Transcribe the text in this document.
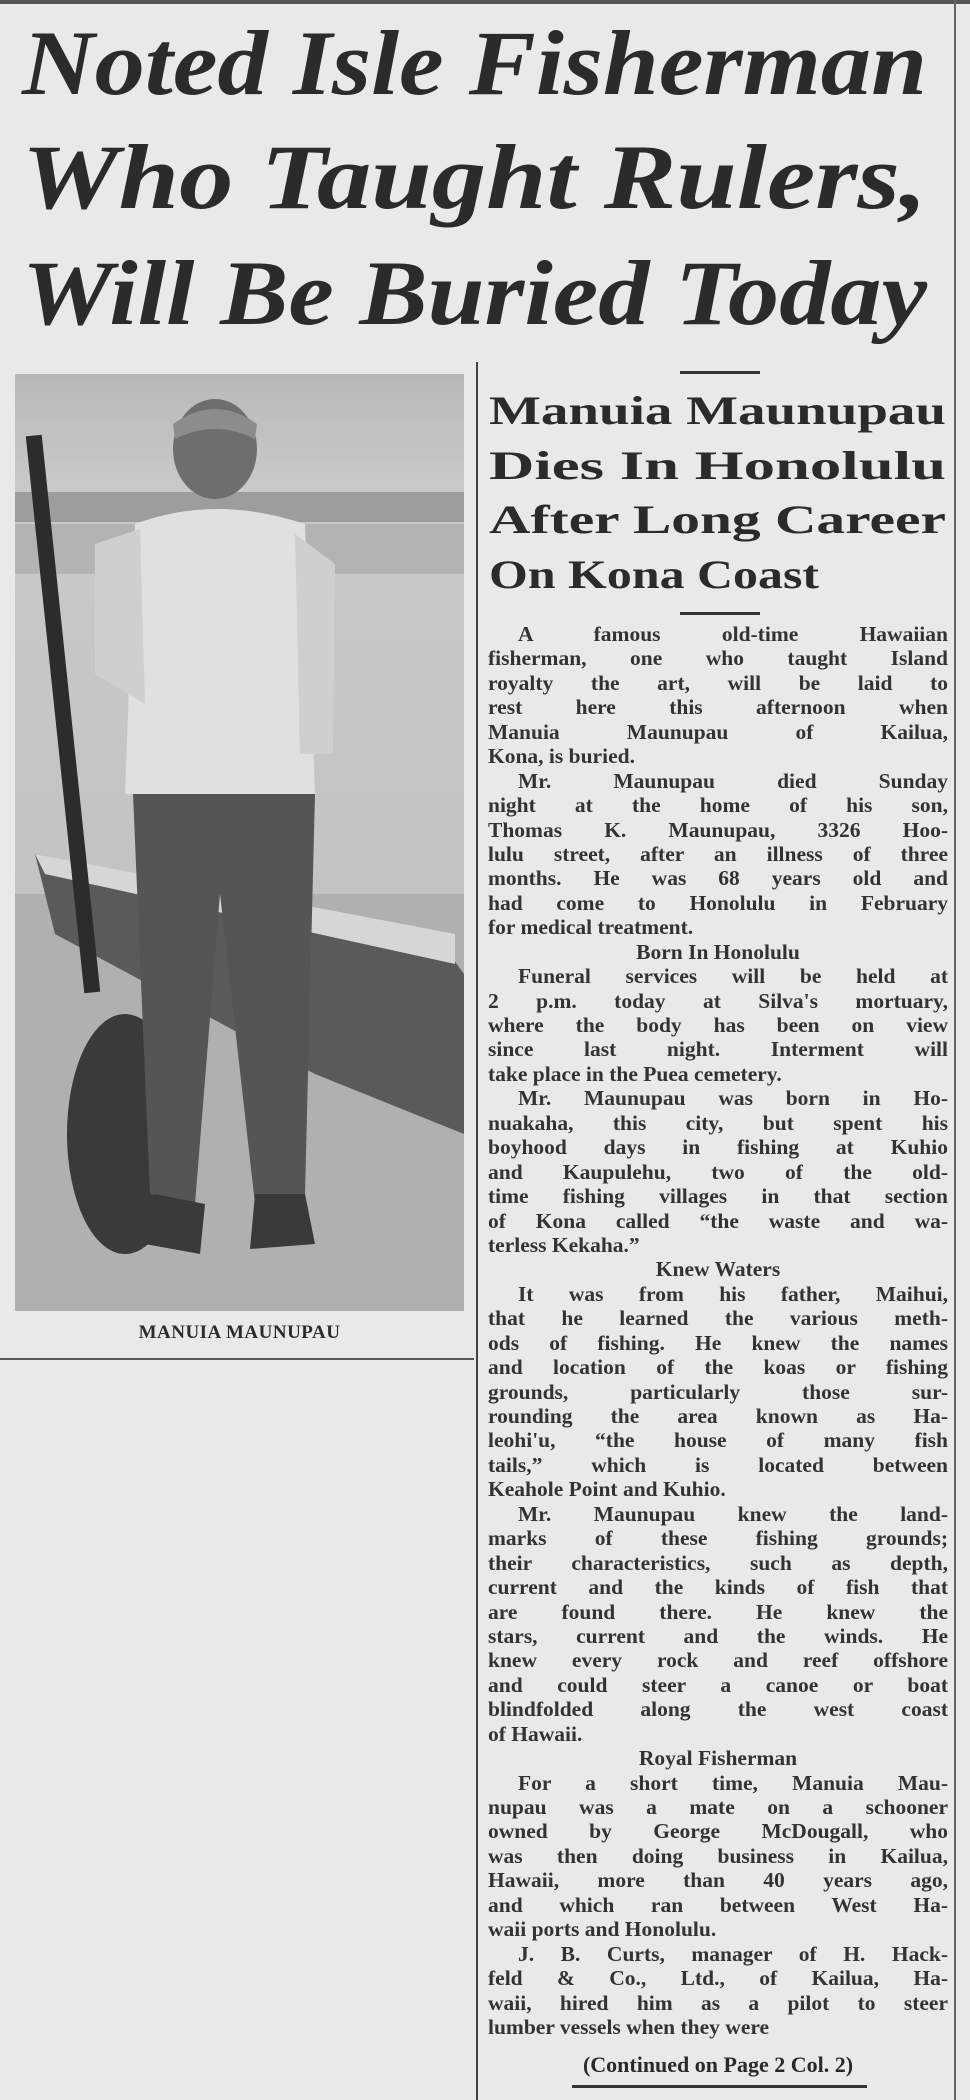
Noted Isle Fisherman
Who Taught Rulers,
Will Be Buried Today
Manuia Maunupau
Dies In Honolulu
After Long Career
On Kona Coast
MANUIA MAUNUPAU
A famous old-time Hawaiian
fisherman, one who taught Island
royalty the art, will be laid to
rest here this afternoon when
Manuia Maunupau of Kailua,
Kona, is buried.
Mr. Maunupau died Sunday
night at the home of his son,
Thomas K. Maunupau, 3326 Hoo-
lulu street, after an illness of three
months. He was 68 years old and
had come to Honolulu in February
for medical treatment.
Born In Honolulu
Funeral services will be held at
2 p.m. today at Silva's mortuary,
where the body has been on view
since last night. Interment will
take place in the Puea cemetery.
Mr. Maunupau was born in Ho-
nuakaha, this city, but spent his
boyhood days in fishing at Kuhio
and Kaupulehu, two of the old-
time fishing villages in that section
of Kona called “the waste and wa-
terless Kekaha.”
Knew Waters
It was from his father, Maihui,
that he learned the various meth-
ods of fishing. He knew the names
and location of the koas or fishing
grounds, particularly those sur-
rounding the area known as Ha-
leohi'u, “the house of many fish
tails,” which is located between
Keahole Point and Kuhio.
Mr. Maunupau knew the land-
marks of these fishing grounds;
their characteristics, such as depth,
current and the kinds of fish that
are found there. He knew the
stars, current and the winds. He
knew every rock and reef offshore
and could steer a canoe or boat
blindfolded along the west coast
of Hawaii.
Royal Fisherman
For a short time, Manuia Mau-
nupau was a mate on a schooner
owned by George McDougall, who
was then doing business in Kailua,
Hawaii, more than 40 years ago,
and which ran between West Ha-
waii ports and Honolulu.
J. B. Curts, manager of H. Hack-
feld & Co., Ltd., of Kailua, Ha-
waii, hired him as a pilot to steer
lumber vessels when they were
(Continued on Page 2 Col. 2)
